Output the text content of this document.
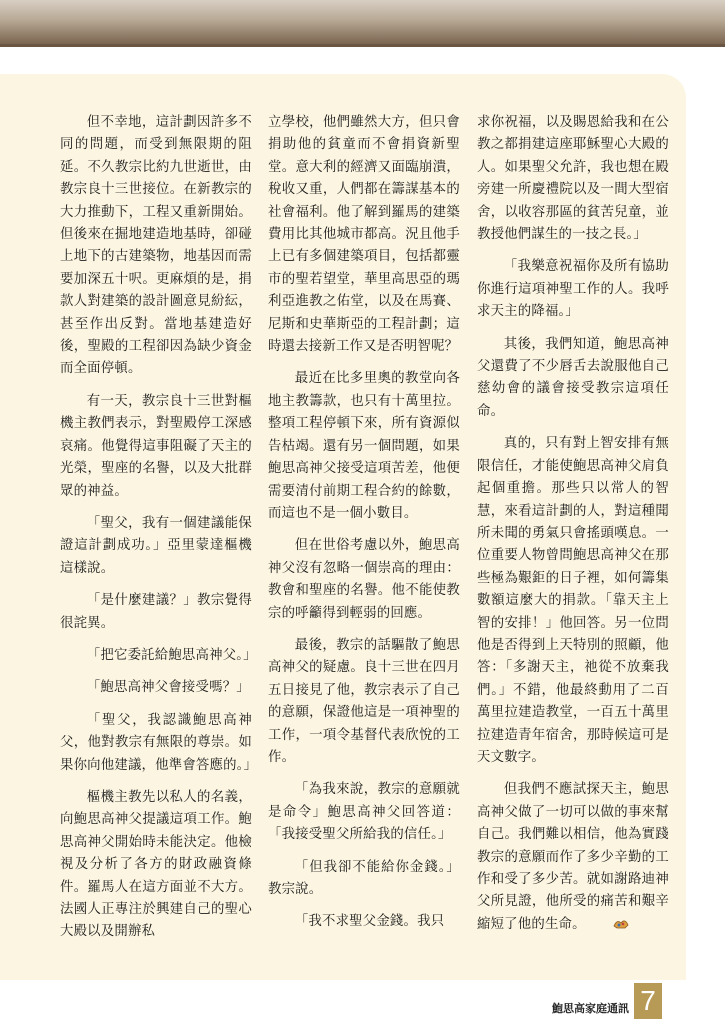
但不幸地，這計劃因許多不同的問題，而受到無限期的阻延。不久教宗比約九世逝世，由教宗良十三世接位。在新教宗的大力推動下，工程又重新開始。但後來在掘地建造地基時，卻碰上地下的古建築物，地基因而需要加深五十呎。更麻煩的是，捐款人對建築的設計圖意見紛紜，甚至作出反對。當地基建造好後，聖殿的工程卻因為缺少資金而全面停頓。

有一天，教宗良十三世對樞機主教們表示，對聖殿停工深感哀痛。他覺得這事阻礙了天主的光榮，聖座的名譽，以及大批群眾的神益。

「聖父，我有一個建議能保證這計劃成功。」亞里蒙達樞機這樣說。

「是什麼建議？」教宗覺得很詫異。

「把它委託給鮑思高神父。」

「鮑思高神父會接受嗎？」

「聖父，我認識鮑思高神父，他對教宗有無限的尊崇。如果你向他建議，他準會答應的。」

樞機主教先以私人的名義，向鮑思高神父提議這項工作。鮑思高神父開始時未能決定。他檢視及分析了各方的財政融資條件。羅馬人在這方面並不大方。法國人正專注於興建自己的聖心大殿以及開辦私

立學校，他們雖然大方，但只會捐助他的貧童而不會捐資新聖堂。意大利的經濟又面臨崩潰，稅收又重，人們都在籌謀基本的社會福利。他了解到羅馬的建築費用比其他城市都高。況且他手上已有多個建築項目，包括都靈市的聖若望堂，華里高思亞的瑪利亞進教之佑堂，以及在馬賽、尼斯和史華斯亞的工程計劃；這時還去接新工作又是否明智呢？

最近在比多里奧的教堂向各地主教籌款，也只有十萬里拉。整項工程停頓下來，所有資源似告枯竭。還有另一個問題，如果鮑思高神父接受這項苦差，他便需要清付前期工程合約的餘數，而這也不是一個小數目。

但在世俗考慮以外，鮑思高神父沒有忽略一個崇高的理由：教會和聖座的名譽。他不能使教宗的呼籲得到輕弱的回應。

最後，教宗的話驅散了鮑思高神父的疑慮。良十三世在四月五日接見了他，教宗表示了自己的意願，保證他這是一項神聖的工作，一項令基督代表欣悅的工作。

「為我來說，教宗的意願就是命令」鮑思高神父回答道：「我接受聖父所給我的信任。」

「但我卻不能給你金錢。」教宗說。

「我不求聖父金錢。我只

求你祝福，以及賜恩給我和在公教之都捐建這座耶穌聖心大殿的人。如果聖父允許，我也想在殿旁建一所慶禮院以及一間大型宿舍，以收容那區的貧苦兒童，並教授他們謀生的一技之長。」

「我樂意祝福你及所有協助你進行這項神聖工作的人。我呼求天主的降福。」

其後，我們知道，鮑思高神父還費了不少唇舌去說服他自己慈幼會的議會接受教宗這項任命。

真的，只有對上智安排有無限信任，才能使鮑思高神父肩負起個重擔。那些只以常人的智慧，來看這計劃的人，對這種聞所未聞的勇氣只會搖頭嘆息。一位重要人物曾問鮑思高神父在那些極為艱鉅的日子裡，如何籌集數額這麼大的捐款。「靠天主上智的安排！」他回答。另一位問他是否得到上天特別的照顧，他答：「多謝天主，祂從不放棄我們。」不錯，他最終動用了二百萬里拉建造教堂，一百五十萬里拉建造青年宿舍，那時候這可是天文數字。

但我們不應試探天主，鮑思高神父做了一切可以做的事來幫自己。我們難以相信，他為實踐教宗的意願而作了多少辛勤的工作和受了多少苦。就如謝路迪神父所見證，他所受的痛苦和艱辛縮短了他的生命。

鮑思高家庭通訊 7
